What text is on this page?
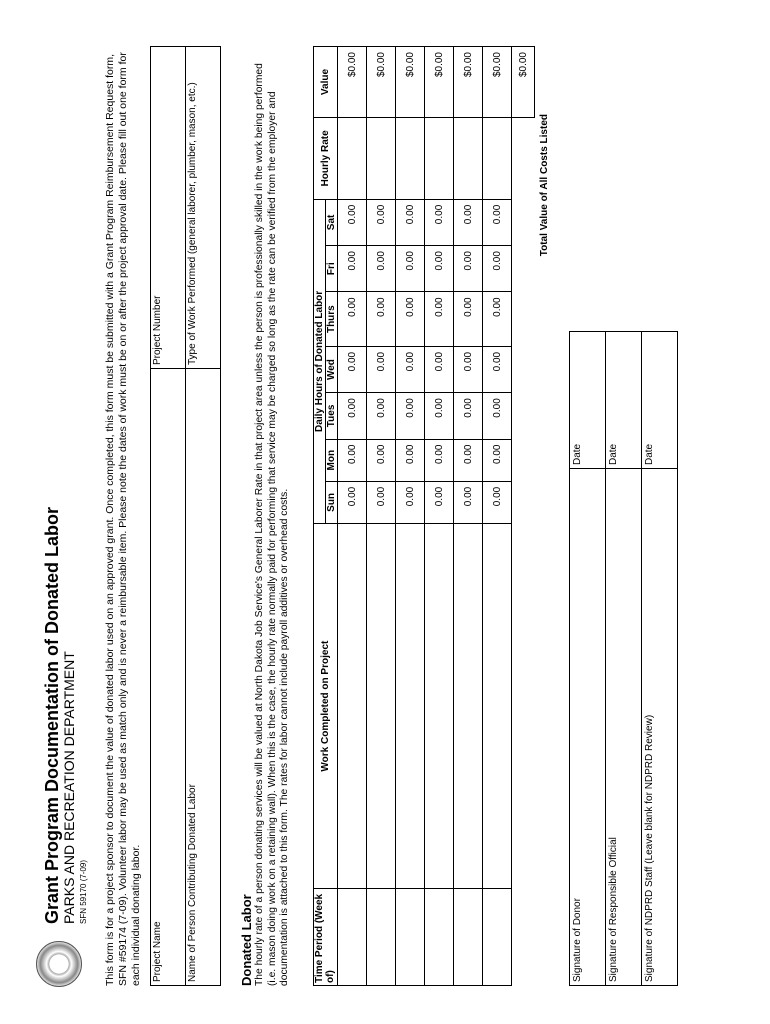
Grant Program Documentation of Donated Labor PARKS AND RECREATION DEPARTMENT SFN 59170 (7-09) This form is for a project sponsor to document the value of donated labor used on an approved grant. Once completed, this form must be submitted with a Grant Program Reimbursement Request form, SFN #59174 (7-09). Volunteer labor may be used as match only and is never a reimbursable item. Please note the dates of work must be on or after the project approval date. Please fill out one form for each individual donating labor. Project Name	Project Number
Name of Person Contributing Donated Labor	Type of Work Performed (general laborer, plumber, mason, etc.)
Donated Labor The hourly rate of a person donating services will be valued at North Dakota Job Service's General Laborer Rate in that project area unless the person is professionally skilled in the work being performed (i.e. mason doing work on a retaining wall). When this is the case, the hourly rate normally paid for performing that service may be charged so long as the rate can be verified from the employer and documentation is attached to this form. The rates for labor cannot include payroll additives or overhead costs. Time Period (Week of)	Work Completed on Project	Daily Hours of Donated Labor							Hourly Rate	Value
		Sun	Mon	Tues	Wed	Thurs	Fri	Sat		
		0.00	0.00	0.00	0.00	0.00	0.00	0.00		$0.00
		0.00	0.00	0.00	0.00	0.00	0.00	0.00		$0.00
		0.00	0.00	0.00	0.00	0.00	0.00	0.00		$0.00
		0.00	0.00	0.00	0.00	0.00	0.00	0.00		$0.00
		0.00	0.00	0.00	0.00	0.00	0.00	0.00		$0.00
		0.00	0.00	0.00	0.00	0.00	0.00	0.00		$0.00
										$0.00
Total Value of All Costs Listed
Signature of Donor	Date
Signature of Responsible Official	Date
Signature of NDPRD Staff (Leave blank for NDPRD Review)	Date
